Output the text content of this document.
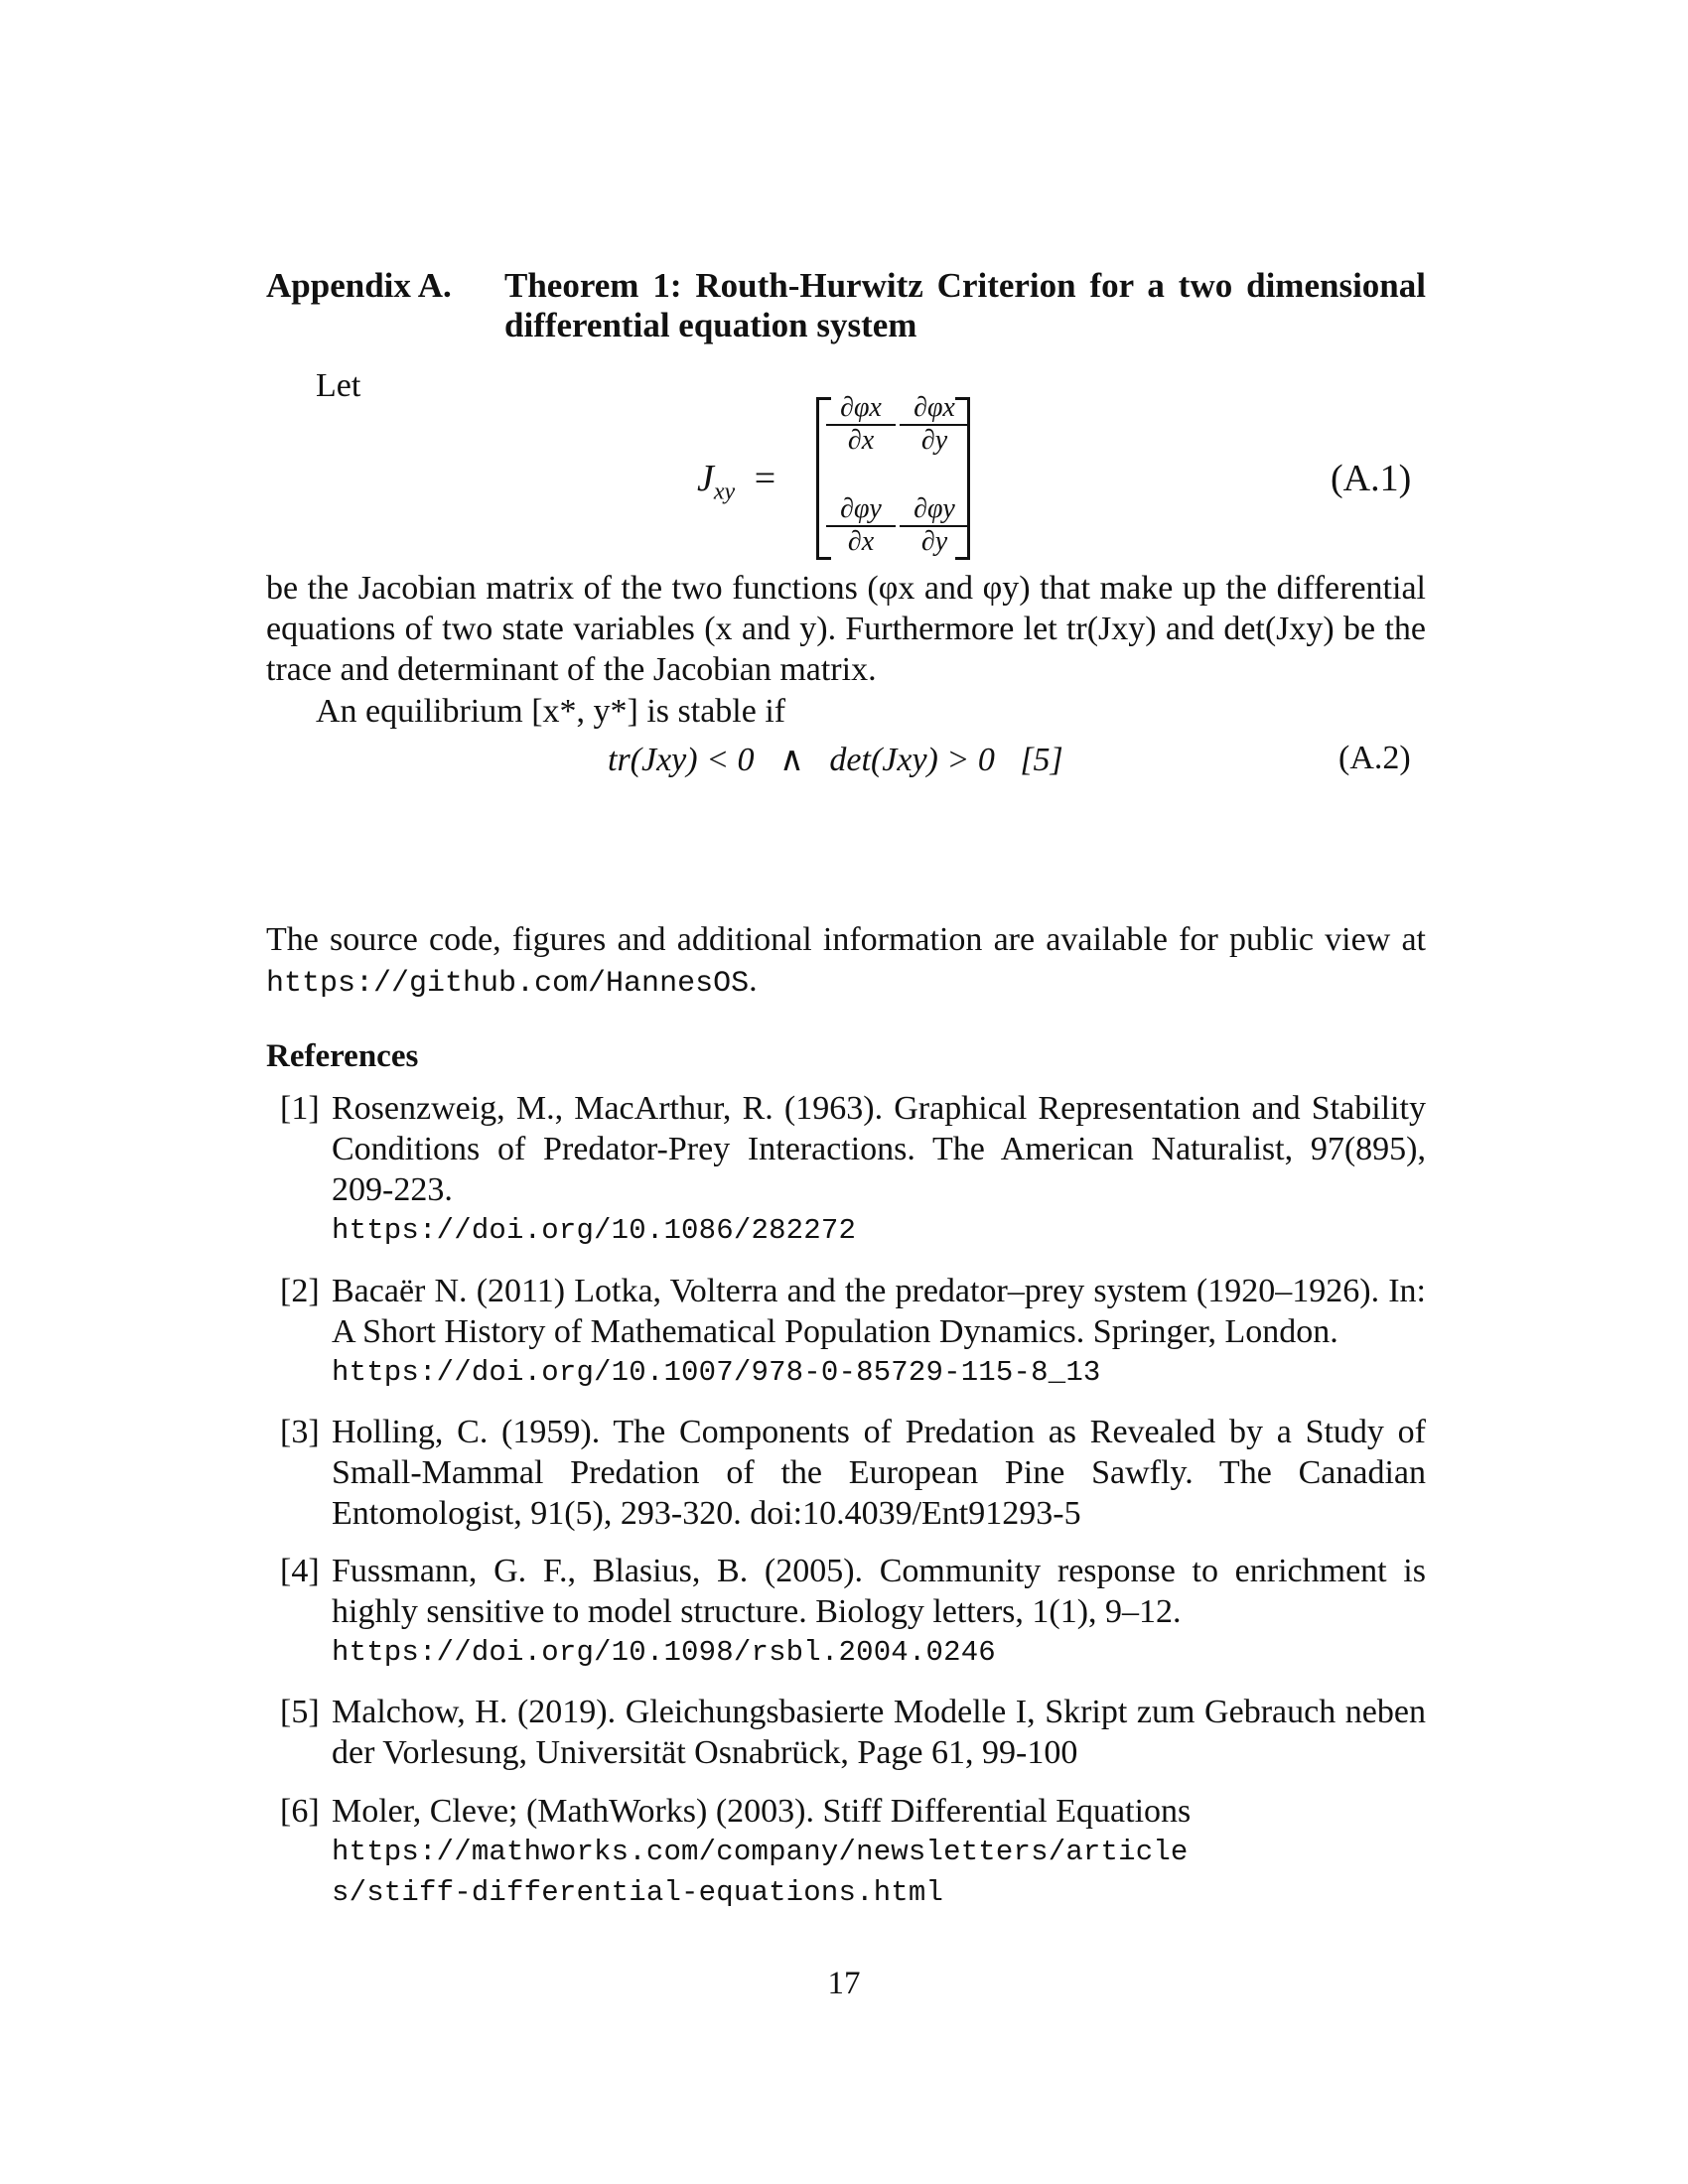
Appendix A. Theorem 1: Routh-Hurwitz Criterion for a two dimensional differential equation system
Let
$J_{xy}$ =
$\frac{\partial\varphi x}{\partial x} \frac{\partial\varphi x}{\partial y}$
$\frac{\partial\varphi y}{\partial x} \frac{\partial\varphi y}{\partial y}$
(A.1)
be the Jacobian matrix of the two functions (φx and φy) that make up the differential equations of two state variables (x and y). Furthermore let tr(Jxy) and det(Jxy) be the trace and determinant of the Jacobian matrix.
An equilibrium [x*, y*] is stable if
tr(Jxy) < 0   ∧   det(Jxy) > 0   [5]	(A.2)
The source code, figures and additional information are available for public view at https://github.com/HannesOS.
References
[1] Rosenzweig, M., MacArthur, R. (1963). Graphical Representation and Stability Conditions of Predator-Prey Interactions. The American Naturalist, 97(895), 209-223.
https://doi.org/10.1086/282272
[2] Bacaër N. (2011) Lotka, Volterra and the predator–prey system (1920–1926). In: A Short History of Mathematical Population Dynamics. Springer, London.
https://doi.org/10.1007/978-0-85729-115-8_13
[3] Holling, C. (1959). The Components of Predation as Revealed by a Study of Small-Mammal Predation of the European Pine Sawfly. The Canadian Entomologist, 91(5), 293-320. doi:10.4039/Ent91293-5
[4] Fussmann, G. F., Blasius, B. (2005). Community response to enrichment is highly sensitive to model structure. Biology letters, 1(1), 9–12.
https://doi.org/10.1098/rsbl.2004.0246
[5] Malchow, H. (2019). Gleichungsbasierte Modelle I, Skript zum Gebrauch neben der Vorlesung, Universität Osnabrück, Page 61, 99-100
[6] Moler, Cleve; (MathWorks) (2003). Stiff Differential Equations
https://mathworks.com/company/newsletters/articles/stiff-differential-equations.html
17
